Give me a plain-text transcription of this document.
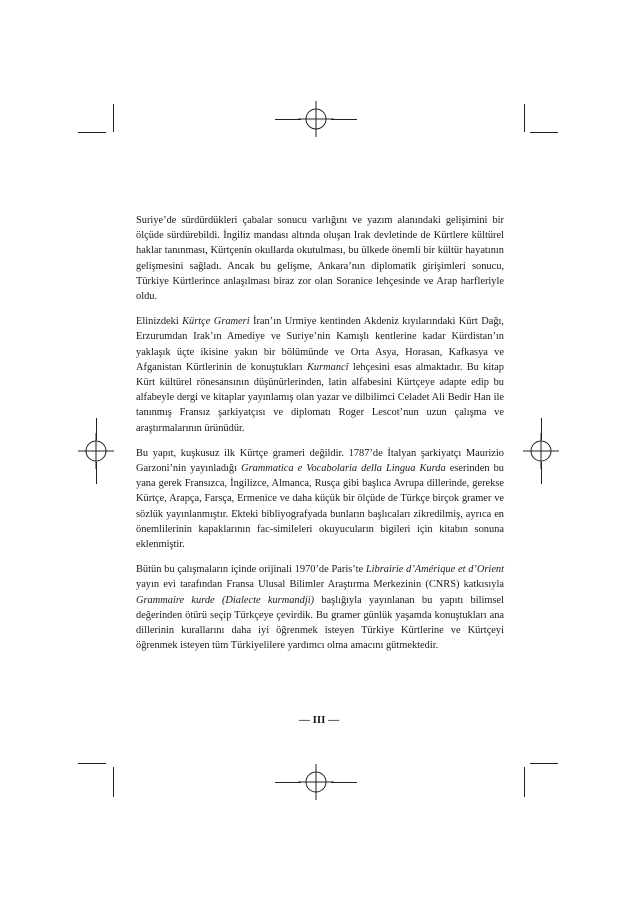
Suriye’de sürdürdükleri çabalar sonucu varlığını ve yazım alanındaki gelişimini bir ölçüde sürdürebildi. İngiliz mandası altında oluşan Irak devletinde de Kürtlere kültürel haklar tanınması, Kürtçenin okullarda okutulması, bu ülkede önemli bir kültür hayatının gelişmesini sağladı. Ancak bu gelişme, Ankara’nın diplomatik girişimleri sonucu, Türkiye Kürtlerince anlaşılması biraz zor olan Soranice lehçesinde ve Arap harfleriyle oldu.

Elinizdeki Kürtçe Grameri İran’ın Urmiye kentinden Akdeniz kıyılarındaki Kürt Dağı, Erzurumdan Irak’ın Amediye ve Suriye’nin Kamışlı kentlerine kadar Kürdistan’ın yaklaşık üçte ikisine yakın bir bölümünde ve Orta Asya, Horasan, Kafkasya ve Afganistan Kürtlerinin de konuştukları Kurmancî lehçesini esas almaktadır. Bu kitap Kürt kültürel rönesansının düşünürlerinden, latin alfabesini Kürtçeye adapte edip bu alfabeyle dergi ve kitaplar yayınlamış olan yazar ve dilbilimci Celadet Ali Bedir Han ile tanınmış Fransız şarkiyatçısı ve diplomatı Roger Lescot’nun uzun çalışma ve araştırmalarının ürünüdür.

Bu yapıt, kuşkusuz ilk Kürtçe grameri değildir. 1787’de İtalyan şarkiyatçı Maurizio Garzoni’nin yayınladığı Grammatica e Vocabolaria della Lingua Kurda eserinden bu yana gerek Fransızca, İngilizce, Almanca, Rusça gibi başlıca Avrupa dillerinde, gerekse Kürtçe, Arapça, Farsça, Ermenice ve daha küçük bir ölçüde de Türkçe birçok gramer ve sözlük yayınlanmıştır. Ekteki bibliyografyada bunların başlıcaları zikredilmiş, ayrıca en önemlilerinin kapaklarının fac-simileleri okuyucuların bigileri için kitabın sonuna eklenmiştir.

Bütün bu çalışmaların içinde orijinali 1970’de Paris’te Librairie d’Amérique et d’Orient yayın evi tarafından Fransa Ulusal Bilimler Araştırma Merkezinin (CNRS) katkısıyla Grammaire kurde (Dialecte kurmandji) başlığıyla yayınlanan bu yapıtı bilimsel değerinden ötürü seçip Türkçeye çevirdik. Bu gramer günlük yaşamda konuştukları ana dillerinin kurallarını daha iyi öğrenmek isteyen Türkiye Kürtlerine ve Kürtçeyi öğrenmek isteyen tüm Türkiyelilere yardımcı olma amacını gütmektedir.

— III —
